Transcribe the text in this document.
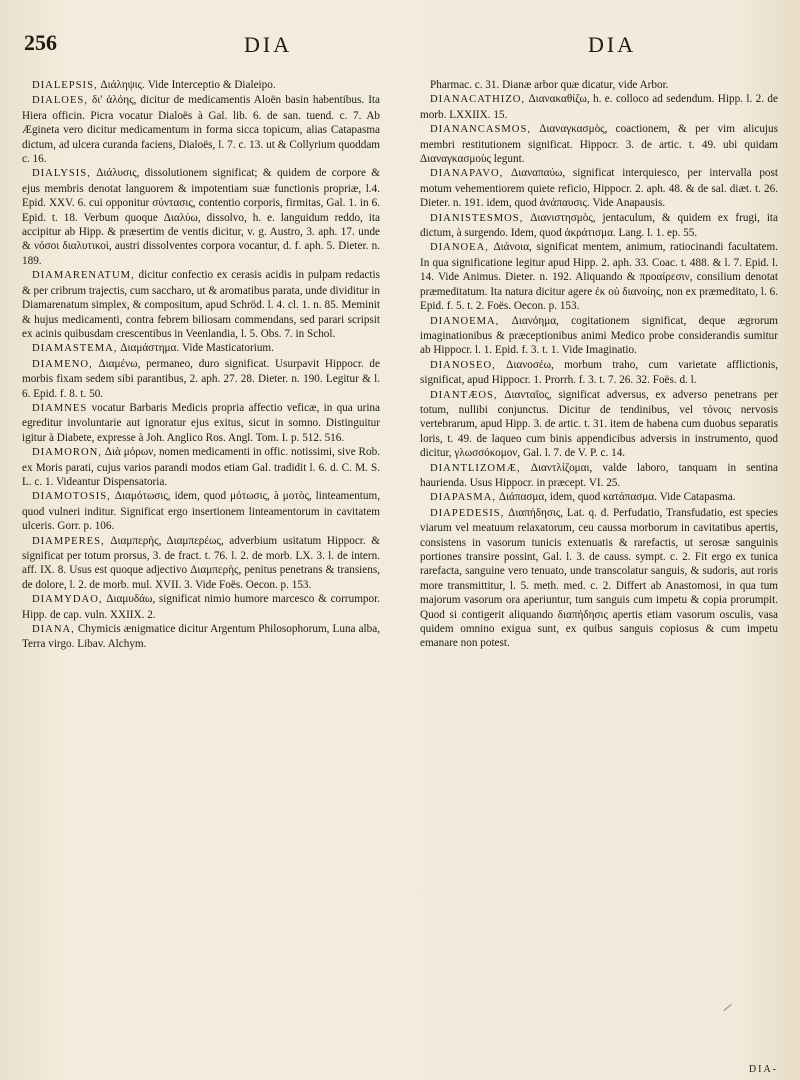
256	DIA	DIA

DIALEPSIS, Διάληψις. Vide Interceptio & Dialeipo.

DIALOES, δι' ἀλόης, dicitur de medicamentis Aloën basin habentibus. Ita Hiera officin. Picra vocatur Dialoës à Gal. lib. 6. de san. tuend. c. 7. Ab Ægineta vero dicitur medicamentum in forma sicca topicum, alias Catapasma dictum, ad ulcera curanda faciens, Dialoës, l. 7. c. 13. ut & Collyrium quoddam c. 16.

DIALYSIS, Διάλυσις, dissolutionem significat; & quidem de corpore & ejus membris denotat languorem & impotentiam suæ functionis propriæ, l.4. Epid. XXV. 6. cui opponitur σύντασις, contentio corporis, firmitas, Gal. 1. in 6. Epid. t. 18. Verbum quoque Διαλύω, dissolvo, h. e. languidum reddo, ita accipitur ab Hipp. & præsertim de ventis dicitur, v. g. Austro, 3. aph. 17. unde & νόσοι διαλυτικοὶ, austri dissolventes corpora vocantur, d. f. aph. 5. Dieter. n. 189.

DIAMARENATUM, dicitur confectio ex cerasis acidis in pulpam redactis & per cribrum trajectis, cum saccharo, ut & aromatibus parata, unde dividitur in Diamarenatum simplex, & compositum, apud Schröd. l. 4. cl. 1. n. 85. Meminit & hujus medicamenti, contra febrem biliosam commendans, sed parari scripsit ex acinis quibusdam crescentibus in Veenlandia, l. 5. Obs. 7. in Schol.

DIAMASTEMA, Διαμάστημα. Vide Masticatorium.

DIAMENO, Διαμένω, permaneo, duro significat. Usurpavit Hippocr. de morbis fixam sedem sibi parantibus, 2. aph. 27. 28. Dieter. n. 190. Legitur & l. 6. Epid. f. 8. t. 50.

DIAMNES vocatur Barbaris Medicis propria affectio veficæ, in qua urina egreditur involuntarie aut ignoratur ejus exitus, sicut in somno. Distinguitur igitur à Diabete, expresse à Joh. Anglico Ros. Angl. Tom. I. p. 512. 516.

DIAMORON, Διὰ μόρων, nomen medicamenti in offic. notissimi, sive Rob. ex Moris parati, cujus varios parandi modos etiam Gal. tradidit l. 6. d. C. M. S. L. c. 1. Videantur Dispensatoria.

DIAMOTOSIS, Διαμότωσις, idem, quod μότωσις, à μοτὸς, linteamentum, quod vulneri inditur. Significat ergo insertionem linteamentorum in cavitatem ulceris. Gorr. p. 106.

DIAMPERES, Διαμπερὴς, Διαμπερέως, adverbium usitatum Hippocr. & significat per totum prorsus, 3. de fract. t. 76. l. 2. de morb. LX. 3. l. de intern. aff. IX. 8. Usus est quoque adjectivo Διαμπερὴς, penitus penetrans & transiens, de dolore, l. 2. de morb. mul. XVII. 3. Vide Foës. Oecon. p. 153.

DIAMYDAO, Διαμυδάω, significat nimio humore marcesco & corrumpor. Hipp. de cap. vuln. XXIIX. 2.

DIANA, Chymicis ænigmatice dicitur Argentum Philosophorum, Luna alba, Terra virgo. Libav. Alchym.

Pharmac. c. 31. Dianæ arbor quæ dicatur, vide Arbor.

DIANACATHIZO, Διανακαθίζω, h. e. colloco ad sedendum. Hipp. l. 2. de morb. LXXIIX. 15.

DIANANCASMOS, Διαναγκασμὸς, coactionem, & per vim alicujus membri restitutionem significat. Hippocr. 3. de artic. t. 49. ubi quidam Διαναγκασμοὺς legunt.

DIANAPAVO, Διαναπαύω, significat interquiesco, per intervalla post motum vehementiorem quiete reficio, Hippocr. 2. aph. 48. & de sal. diæt. t. 26. Dieter. n. 191. idem, quod ἀνάπαυσις. Vide Anapausis.

DIANISTESMOS, Διανιστησμὸς, jentaculum, & quidem ex frugi, ita dictum, à surgendo. Idem, quod ἀκράτισμα. Lang. l. 1. ep. 55.

DIANOEA, Διάνοια, significat mentem, animum, ratiocinandi facultatem. In qua significatione legitur apud Hipp. 2. aph. 33. Coac. t. 488. & l. 7. Epid. l. 14. Vide Animus. Dieter. n. 192. Aliquando & προαίρεσιν, consilium denotat præmeditatum. Ita natura dicitur agere ἐκ οὐ διανοίης, non ex præmeditato, l. 6. Epid. f. 5. t. 2. Foës. Oecon. p. 153.

DIANOEMA, Διανόημα, cogitationem significat, deque ægrorum imaginationibus & præceptionibus animi Medico probe considerandis sumitur ab Hippocr. l. 1. Epid. f. 3. t. 1. Vide Imaginatio.

DIANOSEO, Διανοσέω, morbum traho, cum varietate afflictionis, significat, apud Hippocr. 1. Prorrh. f. 3. t. 7. 26. 32. Foës. d. l.

DIANTÆOS, Διανταῖος, significat adversus, ex adverso penetrans per totum, nullibi conjunctus. Dicitur de tendinibus, vel τόνοις nervosis vertebrarum, apud Hipp. 3. de artic. t. 31. item de habena cum duobus separatis loris, t. 49. de laqueo cum binis appendicibus adversis in instrumento, quod dicitur, γλωσσόκομον, Gal. l. 7. de V. P. c. 14.

DIANTLIZOMÆ, Διαντλίζομαι, valde laboro, tanquam in sentina haurienda. Usus Hippocr. in præcept. VI. 25.

DIAPASMA, Διάπασμα, idem, quod κατάπασμα. Vide Catapasma.

DIAPEDESIS, Διαπήδησις, Lat. q. d. Perfudatio, Transfudatio, est species viarum vel meatuum relaxatorum, ceu caussa morborum in cavitatibus apertis, consistens in vasorum tunicis extenuatis & rarefactis, ut serosæ sanguinis portiones transire possint, Gal. l. 3. de causs. sympt. c. 2. Fit ergo ex tunica rarefacta, sanguine vero tenuato, unde transcolatur sanguis, & sudoris, aut roris more transmittitur, l. 5. meth. med. c. 2. Differt ab Anastomosi, in qua tum majorum vasorum ora aperiuntur, tum sanguis cum impetu & copia prorumpit. Quod si contigerit aliquando διαπήδησις apertis etiam vasorum osculis, vasa quidem omnino exigua sunt, ex quibus sanguis copiosus & cum impetu emanare non potest.

DIA-
